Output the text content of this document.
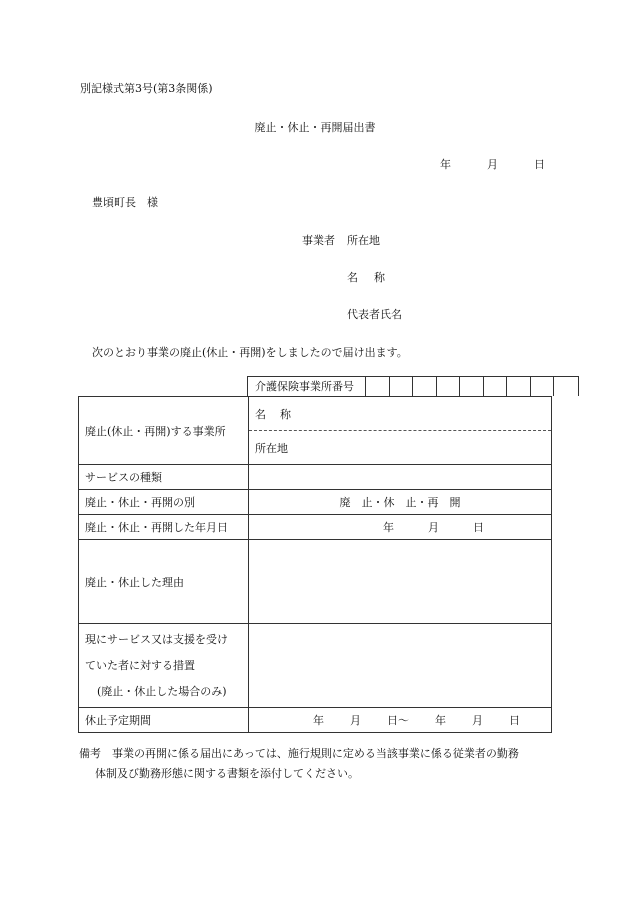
別記様式第3号(第3条関係)
廃止・休止・再開届出書
年	月	日
豊頃町長　様
事業者 所在地
名称
代表者氏名
次のとおり事業の廃止(休止・再開)をしましたので届け出ます。
介護保険事業所番号
廃止(休止・再開)する事業所	名称
所在地

サービスの種類	
廃止・休止・再開の別	廃　止・休　止・再　開
廃止・休止・再開した年月日	年 月 日
廃止・休止した理由	

現にサービス又は支援を受け
ていた者に対する措置
(廃止・休止した場合のみ)	

休止予定期間	年 月 日〜 年 月 日
備考　事業の再開に係る届出にあっては、施行規則に定める当該事業に係る従業者の勤務
体制及び勤務形態に関する書類を添付してください。
